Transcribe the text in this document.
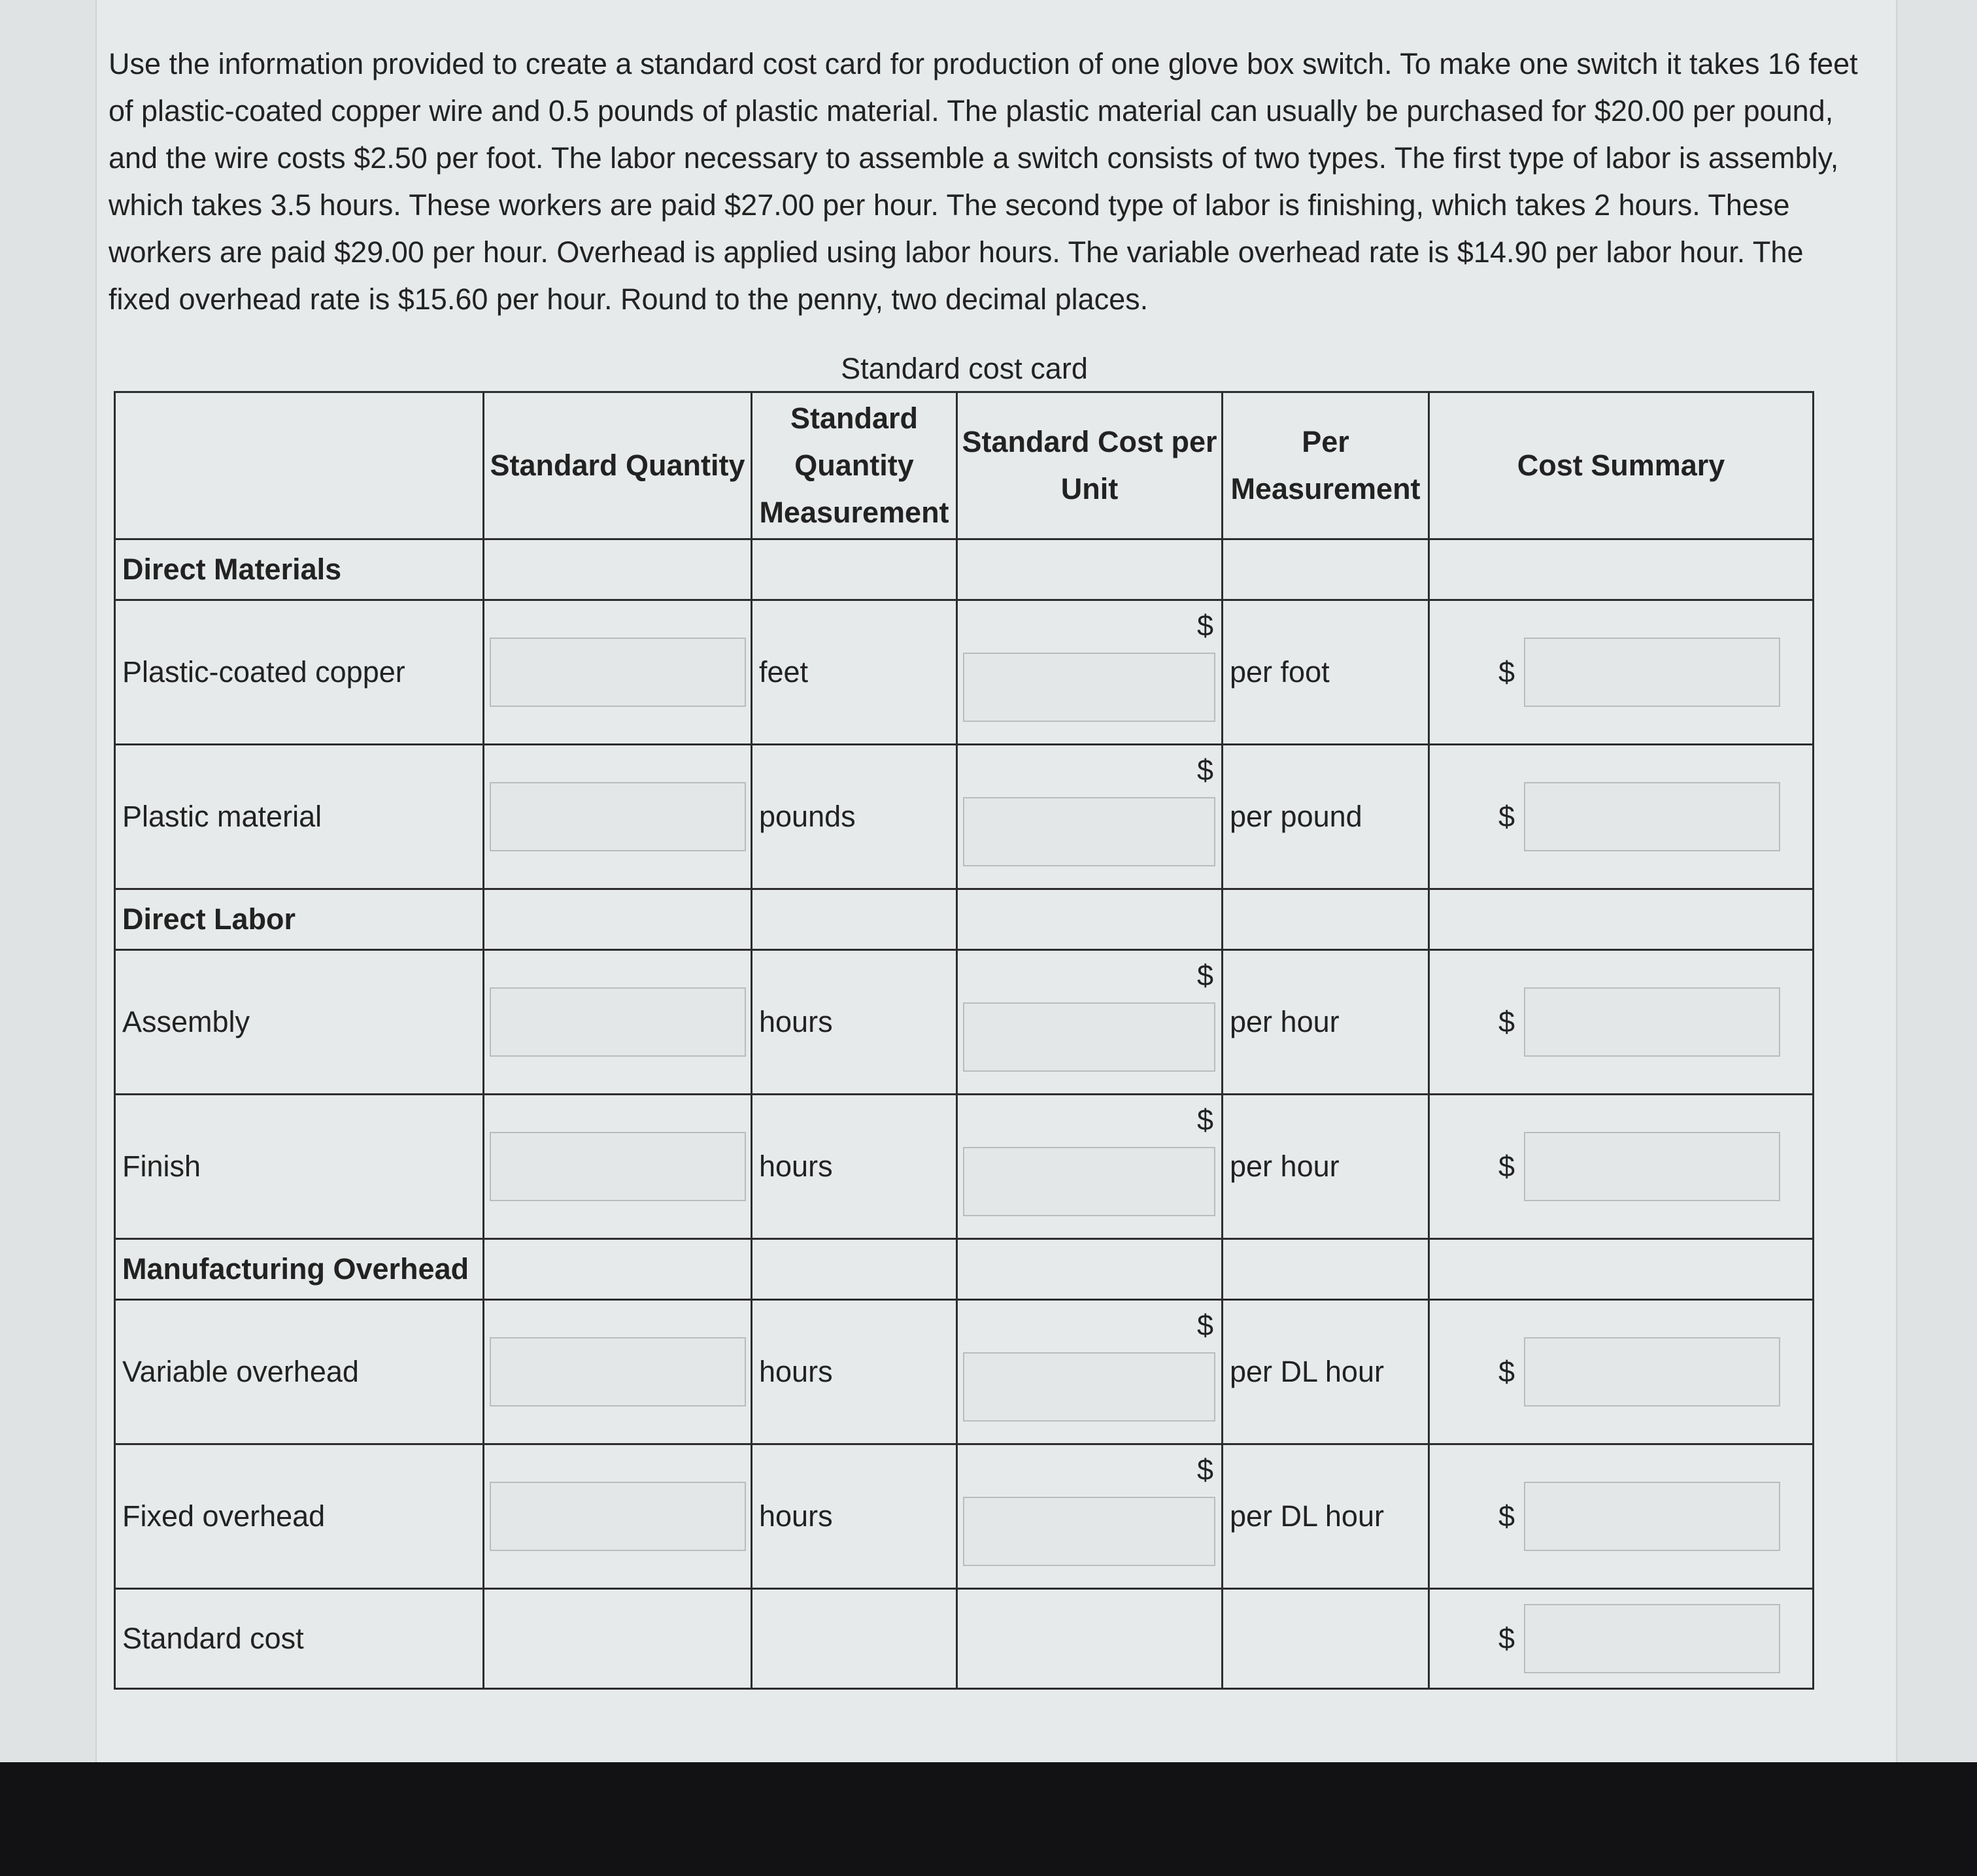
Use the information provided to create a standard cost card for production of one glove box switch. To make one switch it takes 16 feet of plastic-coated copper wire and 0.5 pounds of plastic material. The plastic material can usually be purchased for $20.00 per pound, and the wire costs $2.50 per foot. The labor necessary to assemble a switch consists of two types. The first type of labor is assembly, which takes 3.5 hours. These workers are paid $27.00 per hour. The second type of labor is finishing, which takes 2 hours. These workers are paid $29.00 per hour. Overhead is applied using labor hours. The variable overhead rate is $14.90 per labor hour. The fixed overhead rate is $15.60 per hour. Round to the penny, two decimal places.

Standard cost card
	Standard Quantity	Standard Quantity Measurement	Standard Cost per Unit	Per Measurement	Cost Summary
Direct Materials					
Plastic-coated copper		feet	$	per foot	$
Plastic material		pounds	$	per pound	$
Direct Labor					
Assembly		hours	$	per hour	$
Finish		hours	$	per hour	$
Manufacturing Overhead					
Variable overhead		hours	$	per DL hour	$
Fixed overhead		hours	$	per DL hour	$
Standard cost					$
